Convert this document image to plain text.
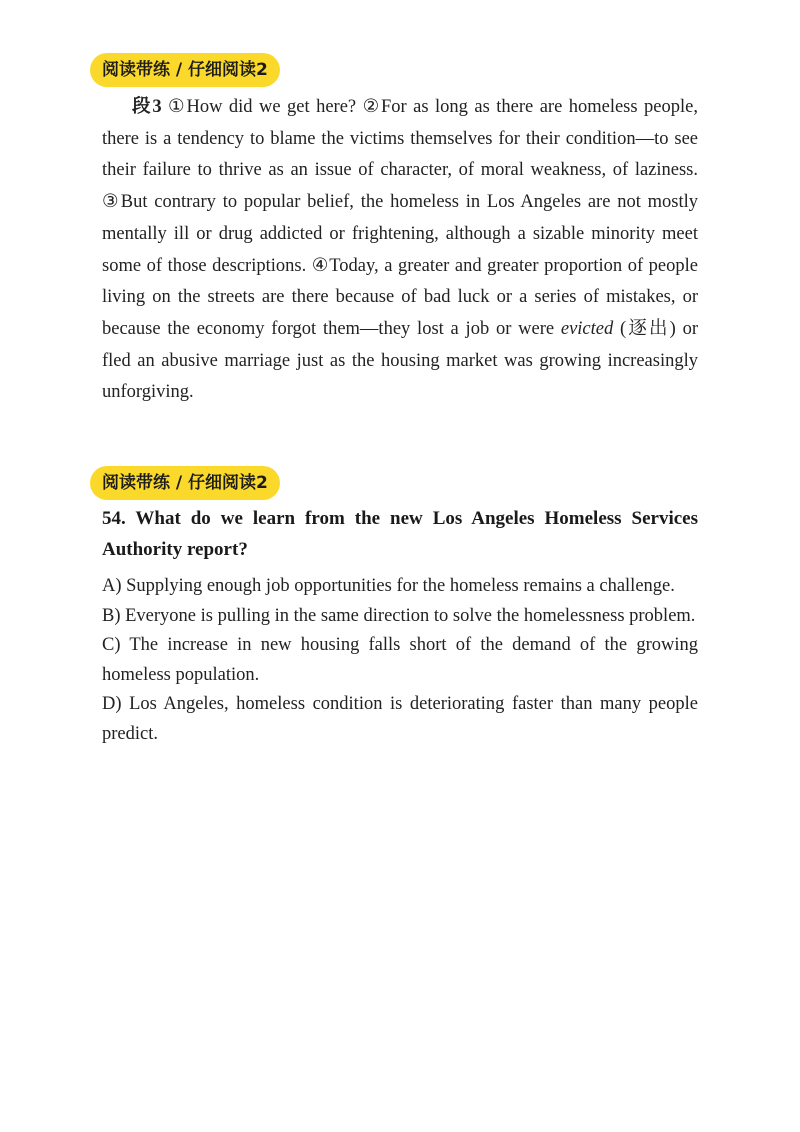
阅读带练 / 仔细阅读2

段3 ①How did we get here? ②For as long as there are homeless people, there is a tendency to blame the victims themselves for their condition—to see their failure to thrive as an issue of character, of moral weakness, of laziness. ③But contrary to popular belief, the homeless in Los Angeles are not mostly mentally ill or drug addicted or frightening, although a sizable minority meet some of those descriptions. ④Today, a greater and greater proportion of people living on the streets are there because of bad luck or a series of mistakes, or because the economy forgot them—they lost a job or were evicted (逐出) or fled an abusive marriage just as the housing market was growing increasingly unforgiving.

阅读带练 / 仔细阅读2

54. What do we learn from the new Los Angeles Homeless Services Authority report?

A) Supplying enough job opportunities for the homeless remains a challenge.
B) Everyone is pulling in the same direction to solve the homelessness problem.
C) The increase in new housing falls short of the demand of the growing homeless population.
D) Los Angeles, homeless condition is deteriorating faster than many people predict.
